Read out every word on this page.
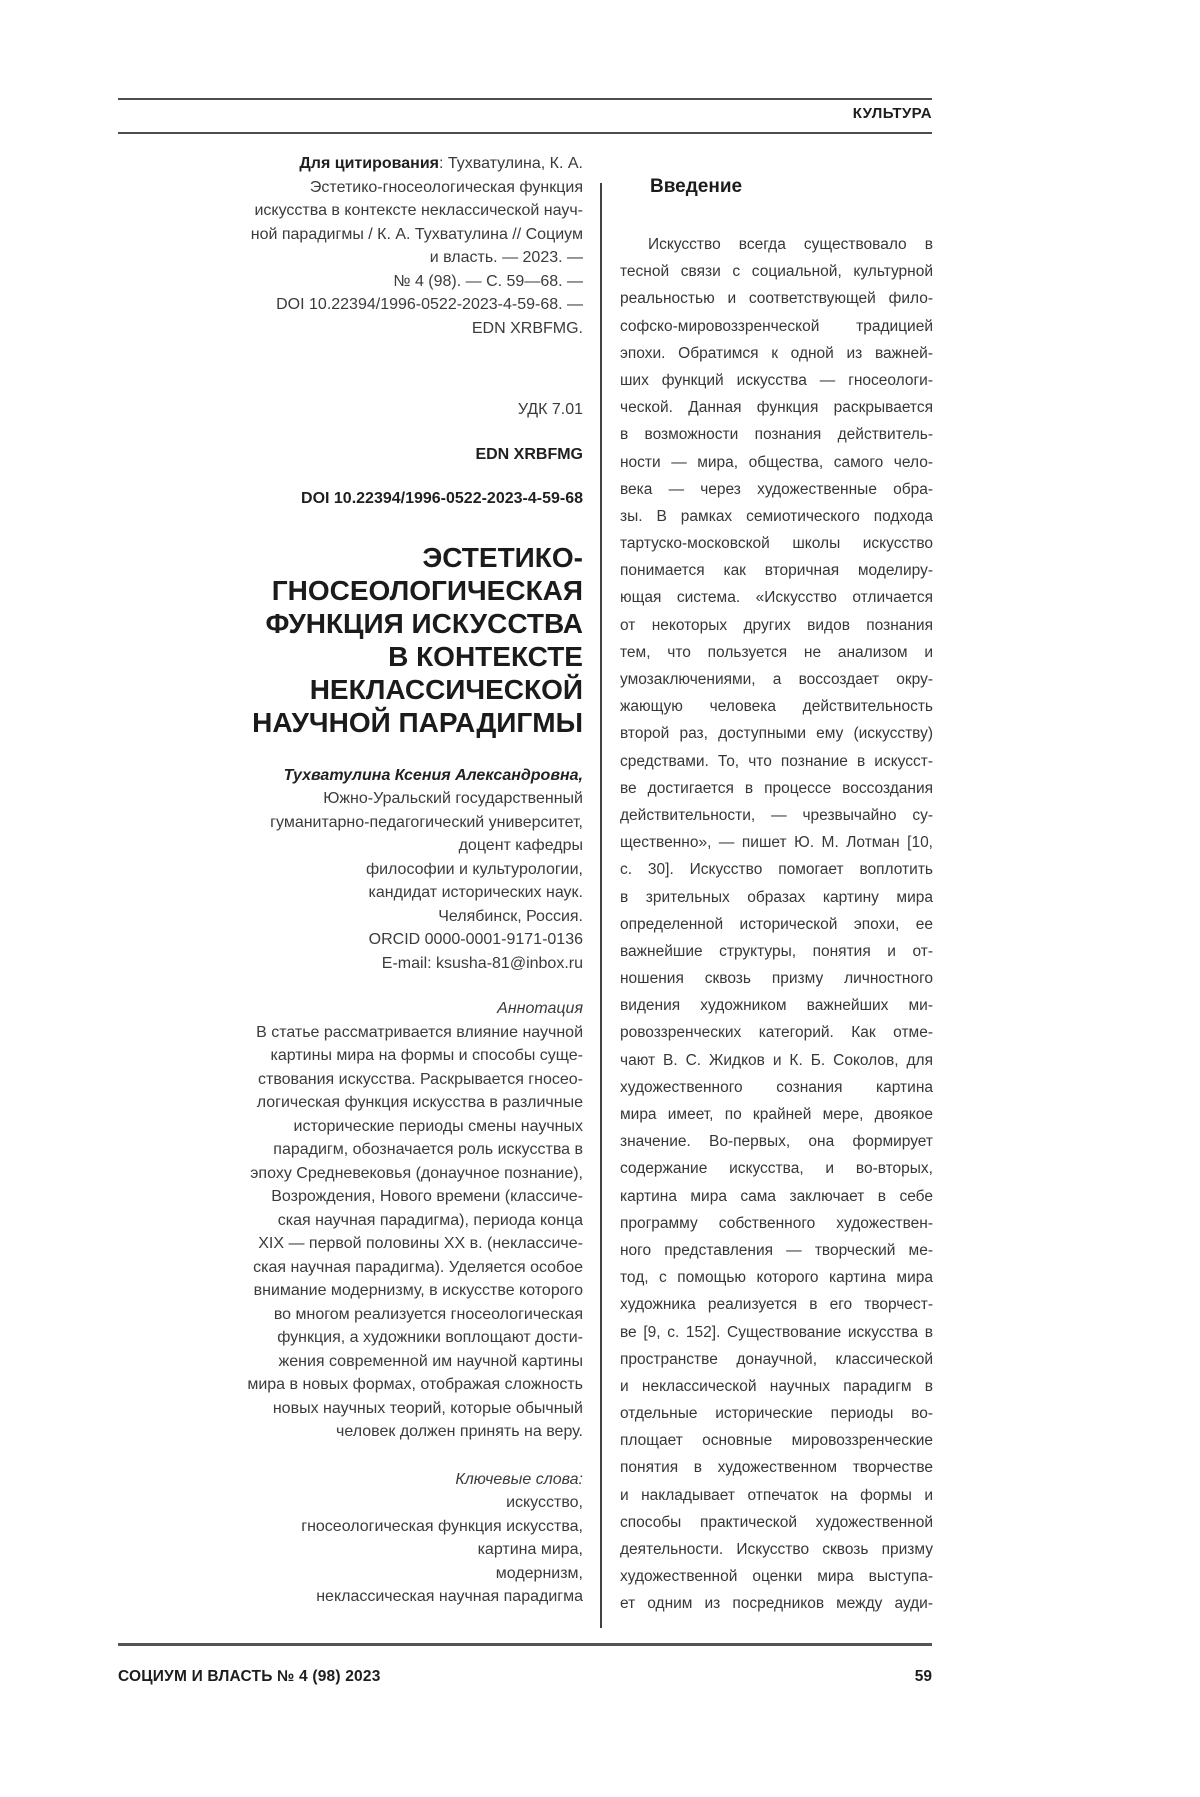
КУЛЬТУРА
Для цитирования: Тухватулина, К. А.
Эстетико-гносеологическая функция
искусства в контексте неклассической науч-
ной парадигмы / К. А. Тухватулина // Социум
и власть. — 2023. —
№ 4 (98). — С. 59—68. —
DOI 10.22394/1996-0522-2023-4-59-68. —
EDN XRBFMG.
УДК 7.01
EDN XRBFMG
DOI 10.22394/1996-0522-2023-4-59-68
ЭСТЕТИКО-
ГНОСЕОЛОГИЧЕСКАЯ
ФУНКЦИЯ ИСКУССТВА
В КОНТЕКСТЕ
НЕКЛАССИЧЕСКОЙ
НАУЧНОЙ ПАРАДИГМЫ
Тухватулина Ксения Александровна,
Южно-Уральский государственный
гуманитарно-педагогический университет,
доцент кафедры
философии и культурологии,
кандидат исторических наук.
Челябинск, Россия.
ORCID 0000-0001-9171-0136
E-mail: ksusha-81@inbox.ru
Аннотация
В статье рассматривается влияние научной
картины мира на формы и способы суще-
ствования искусства. Раскрывается гносео-
логическая функция искусства в различные
исторические периоды смены научных
парадигм, обозначается роль искусства в
эпоху Средневековья (донаучное познание),
Возрождения, Нового времени (классиче-
ская научная парадигма), периода конца
XIX — первой половины XX в. (неклассиче-
ская научная парадигма). Уделяется особое
внимание модернизму, в искусстве которого
во многом реализуется гносеологическая
функция, а художники воплощают дости-
жения современной им научной картины
мира в новых формах, отображая сложность
новых научных теорий, которые обычный
человек должен принять на веру.
Ключевые слова:
искусство,
гносеологическая функция искусства,
картина мира,
модернизм,
неклассическая научная парадигма
Введение
Искусство всегда существовало в
тесной связи с социальной, культурной
реальностью и соответствующей фило-
софско-мировоззренческой традицией
эпохи. Обратимся к одной из важней-
ших функций искусства — гносеологи-
ческой. Данная функция раскрывается
в возможности познания действитель-
ности — мира, общества, самого чело-
века — через художественные обра-
зы. В рамках семиотического подхода
тартуско-московской школы искусство
понимается как вторичная моделиру-
ющая система. «Искусство отличается
от некоторых других видов познания
тем, что пользуется не анализом и
умозаключениями, а воссоздает окру-
жающую человека действительность
второй раз, доступными ему (искусству)
средствами. То, что познание в искусст-
ве достигается в процессе воссоздания
действительности, — чрезвычайно су-
щественно», — пишет Ю. М. Лотман [10,
с. 30]. Искусство помогает воплотить
в зрительных образах картину мира
определенной исторической эпохи, ее
важнейшие структуры, понятия и от-
ношения сквозь призму личностного
видения художником важнейших ми-
ровоззренческих категорий. Как отме-
чают В. С. Жидков и К. Б. Соколов, для
художественного сознания картина
мира имеет, по крайней мере, двоякое
значение. Во-первых, она формирует
содержание искусства, и во-вторых,
картина мира сама заключает в себе
программу собственного художествен-
ного представления — творческий ме-
тод, с помощью которого картина мира
художника реализуется в его творчест-
ве [9, с. 152]. Существование искусства в
пространстве донаучной, классической
и неклассической научных парадигм в
отдельные исторические периоды во-
площает основные мировоззренческие
понятия в художественном творчестве
и накладывает отпечаток на формы и
способы практической художественной
деятельности. Искусство сквозь призму
художественной оценки мира выступа-
ет одним из посредников между ауди-
СОЦИУМ И ВЛАСТЬ № 4 (98) 2023	59
